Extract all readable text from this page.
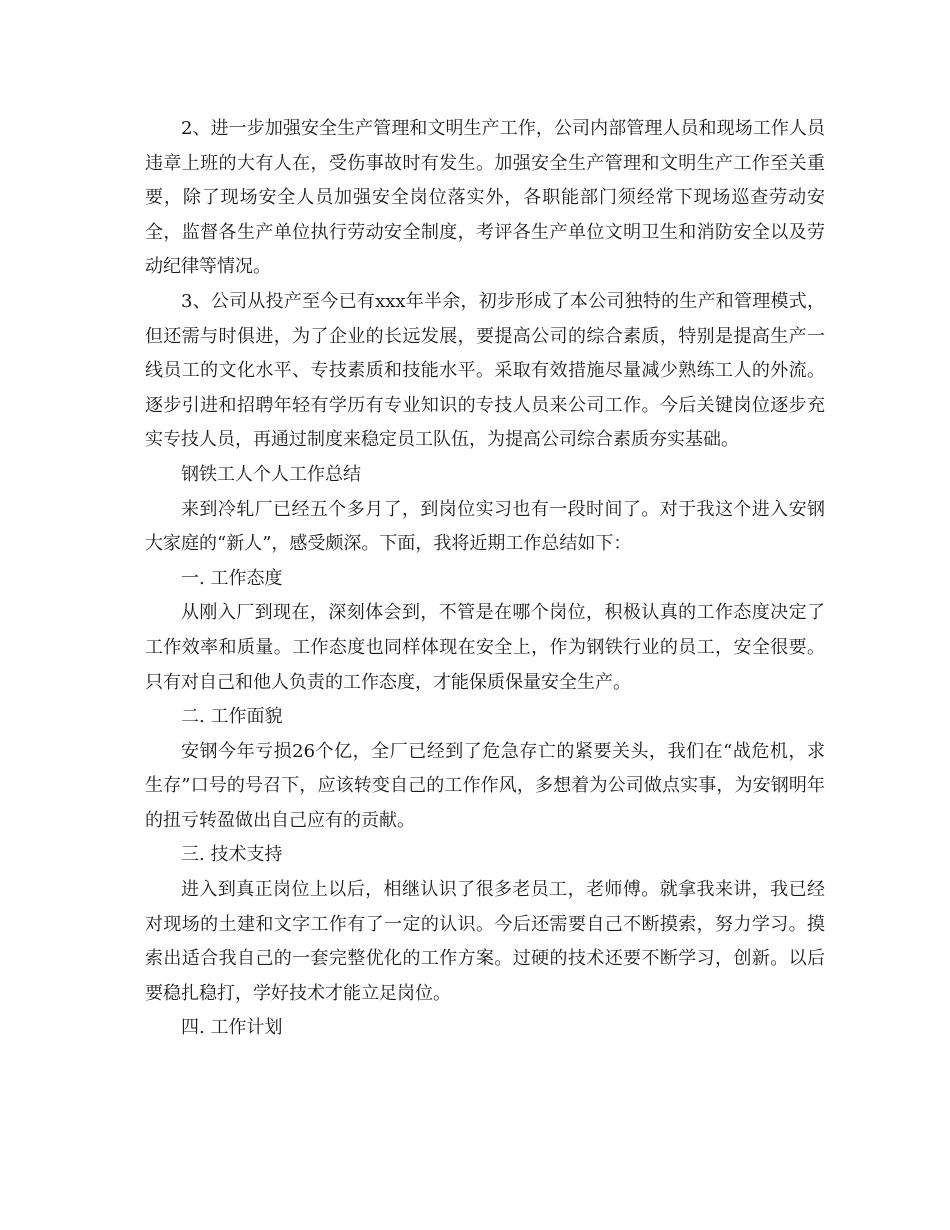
2、进一步加强安全生产管理和文明生产工作，公司内部管理人员和现场工作人员违章上班的大有人在，受伤事故时有发生。加强安全生产管理和文明生产工作至关重要，除了现场安全人员加强安全岗位落实外，各职能部门须经常下现场巡查劳动安全，监督各生产单位执行劳动安全制度，考评各生产单位文明卫生和消防安全以及劳动纪律等情况。

3、公司从投产至今已有xxx年半余，初步形成了本公司独特的生产和管理模式，但还需与时俱进，为了企业的长远发展，要提高公司的综合素质，特别是提高生产一线员工的文化水平、专技素质和技能水平。采取有效措施尽量减少熟练工人的外流。逐步引进和招聘年轻有学历有专业知识的专技人员来公司工作。今后关键岗位逐步充实专技人员，再通过制度来稳定员工队伍，为提高公司综合素质夯实基础。

钢铁工人个人工作总结

来到冷轧厂已经五个多月了，到岗位实习也有一段时间了。对于我这个进入安钢大家庭的“新人”，感受颇深。下面，我将近期工作总结如下：

一. 工作态度

从刚入厂到现在，深刻体会到，不管是在哪个岗位，积极认真的工作态度决定了工作效率和质量。工作态度也同样体现在安全上，作为钢铁行业的员工，安全很要。只有对自己和他人负责的工作态度，才能保质保量安全生产。

二. 工作面貌

安钢今年亏损26个亿，全厂已经到了危急存亡的紧要关头，我们在“战危机，求生存”口号的号召下，应该转变自己的工作作风，多想着为公司做点实事，为安钢明年的扭亏转盈做出自己应有的贡献。

三. 技术支持

进入到真正岗位上以后，相继认识了很多老员工，老师傅。就拿我来讲，我已经对现场的土建和文字工作有了一定的认识。今后还需要自己不断摸索，努力学习。摸索出适合我自己的一套完整优化的工作方案。过硬的技术还要不断学习，创新。以后要稳扎稳打，学好技术才能立足岗位。

四. 工作计划
